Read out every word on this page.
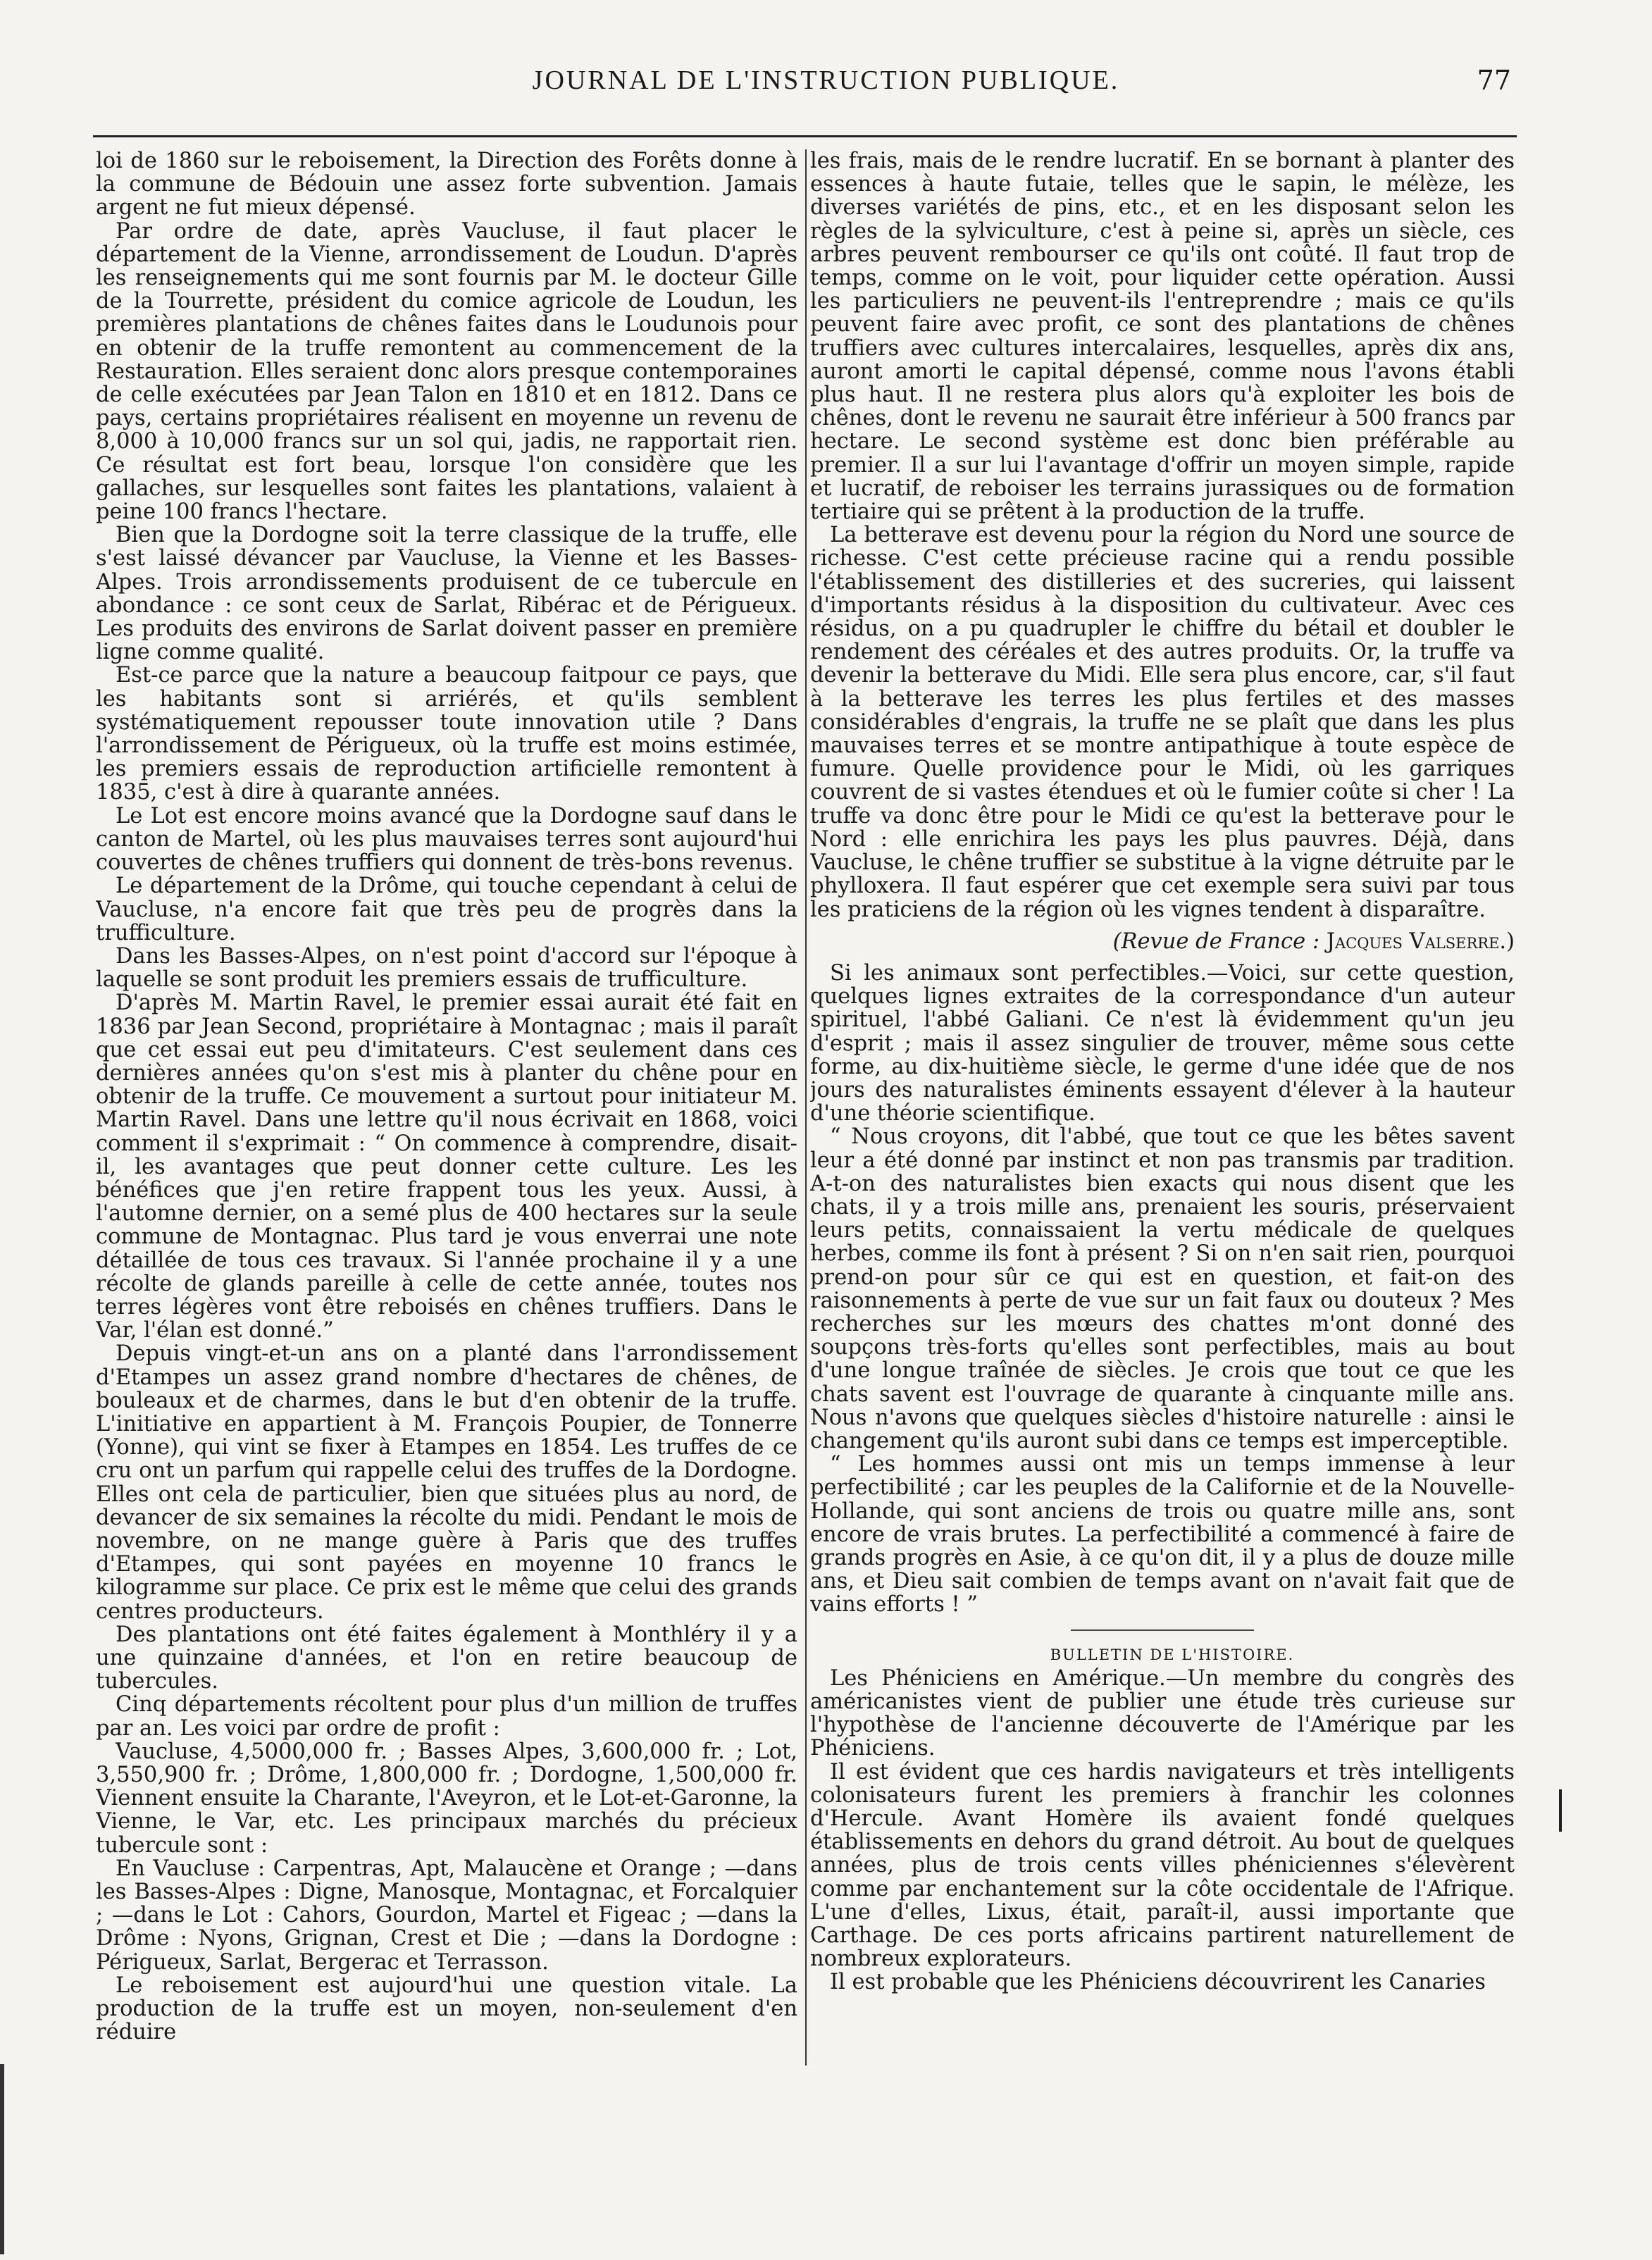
JOURNAL DE L'INSTRUCTION PUBLIQUE.	77

loi de 1860 sur le reboisement, la Direction des Forêts donne à la commune de Bédouin une assez forte subvention. Jamais argent ne fut mieux dépensé.

Par ordre de date, après Vaucluse, il faut placer le département de la Vienne, arrondissement de Loudun. D'après les renseignements qui me sont fournis par M. le docteur Gille de la Tourrette, président du comice agricole de Loudun, les premières plantations de chênes faites dans le Loudunois pour en obtenir de la truffe remontent au commencement de la Restauration. Elles seraient donc alors presque contemporaines de celle exécutées par Jean Talon en 1810 et en 1812. Dans ce pays, certains propriétaires réalisent en moyenne un revenu de 8,000 à 10,000 francs sur un sol qui, jadis, ne rapportait rien. Ce résultat est fort beau, lorsque l'on considère que les gallaches, sur lesquelles sont faites les plantations, valaient à peine 100 francs l'hectare.

Bien que la Dordogne soit la terre classique de la truffe, elle s'est laissé dévancer par Vaucluse, la Vienne et les Basses-Alpes. Trois arrondissements produisent de ce tubercule en abondance : ce sont ceux de Sarlat, Ribérac et de Périgueux. Les produits des environs de Sarlat doivent passer en première ligne comme qualité.

Est-ce parce que la nature a beaucoup faitpour ce pays, que les habitants sont si arriérés, et qu'ils semblent systématiquement repousser toute innovation utile ? Dans l'arrondissement de Périgueux, où la truffe est moins estimée, les premiers essais de reproduction artificielle remontent à 1835, c'est à dire à quarante années.

Le Lot est encore moins avancé que la Dordogne sauf dans le canton de Martel, où les plus mauvaises terres sont aujourd'hui couvertes de chênes truffiers qui donnent de très-bons revenus.

Le département de la Drôme, qui touche cependant à celui de Vaucluse, n'a encore fait que très peu de progrès dans la trufficulture.

Dans les Basses-Alpes, on n'est point d'accord sur l'époque à laquelle se sont produit les premiers essais de trufficulture.

D'après M. Martin Ravel, le premier essai aurait été fait en 1836 par Jean Second, propriétaire à Montagnac ; mais il paraît que cet essai eut peu d'imitateurs. C'est seulement dans ces dernières années qu'on s'est mis à planter du chêne pour en obtenir de la truffe. Ce mouvement a surtout pour initiateur M. Martin Ravel. Dans une lettre qu'il nous écrivait en 1868, voici comment il s'exprimait : “ On commence à comprendre, disait-il, les avantages que peut donner cette culture. Les les bénéfices que j'en retire frappent tous les yeux. Aussi, à l'automne dernier, on a semé plus de 400 hectares sur la seule commune de Montagnac. Plus tard je vous enverrai une note détaillée de tous ces travaux. Si l'année prochaine il y a une récolte de glands pareille à celle de cette année, toutes nos terres légères vont être reboisés en chênes truffiers. Dans le Var, l'élan est donné.”

Depuis vingt-et-un ans on a planté dans l'arrondissement d'Etampes un assez grand nombre d'hectares de chênes, de bouleaux et de charmes, dans le but d'en obtenir de la truffe. L'initiative en appartient à M. François Poupier, de Tonnerre (Yonne), qui vint se fixer à Etampes en 1854. Les truffes de ce cru ont un parfum qui rappelle celui des truffes de la Dordogne. Elles ont cela de particulier, bien que situées plus au nord, de devancer de six semaines la récolte du midi. Pendant le mois de novembre, on ne mange guère à Paris que des truffes d'Etampes, qui sont payées en moyenne 10 francs le kilogramme sur place. Ce prix est le même que celui des grands centres producteurs.

Des plantations ont été faites également à Monthléry il y a une quinzaine d'années, et l'on en retire beaucoup de tubercules.

Cinq départements récoltent pour plus d'un million de truffes par an. Les voici par ordre de profit :

Vaucluse, 4,5000,000 fr. ; Basses Alpes, 3,600,000 fr. ; Lot, 3,550,900 fr. ; Drôme, 1,800,000 fr. ; Dordogne, 1,500,000 fr. Viennent ensuite la Charante, l'Aveyron, et le Lot-et-Garonne, la Vienne, le Var, etc. Les principaux marchés du précieux tubercule sont :

En Vaucluse : Carpentras, Apt, Malaucène et Orange ; —dans les Basses-Alpes : Digne, Manosque, Montagnac, et Forcalquier ; —dans le Lot : Cahors, Gourdon, Martel et Figeac ; —dans la Drôme : Nyons, Grignan, Crest et Die ; —dans la Dordogne : Périgueux, Sarlat, Bergerac et Terrasson.

Le reboisement est aujourd'hui une question vitale. La production de la truffe est un moyen, non-seulement d'en réduire

les frais, mais de le rendre lucratif. En se bornant à planter des essences à haute futaie, telles que le sapin, le mélèze, les diverses variétés de pins, etc., et en les disposant selon les règles de la sylviculture, c'est à peine si, après un siècle, ces arbres peuvent rembourser ce qu'ils ont coûté. Il faut trop de temps, comme on le voit, pour liquider cette opération. Aussi les particuliers ne peuvent-ils l'entreprendre ; mais ce qu'ils peuvent faire avec profit, ce sont des plantations de chênes truffiers avec cultures intercalaires, lesquelles, après dix ans, auront amorti le capital dépensé, comme nous l'avons établi plus haut. Il ne restera plus alors qu'à exploiter les bois de chênes, dont le revenu ne saurait être inférieur à 500 francs par hectare. Le second système est donc bien préférable au premier. Il a sur lui l'avantage d'offrir un moyen simple, rapide et lucratif, de reboiser les terrains jurassiques ou de formation tertiaire qui se prêtent à la production de la truffe.

La betterave est devenu pour la région du Nord une source de richesse. C'est cette précieuse racine qui a rendu possible l'établissement des distilleries et des sucreries, qui laissent d'importants résidus à la disposition du cultivateur. Avec ces résidus, on a pu quadrupler le chiffre du bétail et doubler le rendement des céréales et des autres produits. Or, la truffe va devenir la betterave du Midi. Elle sera plus encore, car, s'il faut à la betterave les terres les plus fertiles et des masses considérables d'engrais, la truffe ne se plaît que dans les plus mauvaises terres et se montre antipathique à toute espèce de fumure. Quelle providence pour le Midi, où les garriques couvrent de si vastes étendues et où le fumier coûte si cher ! La truffe va donc être pour le Midi ce qu'est la betterave pour le Nord : elle enrichira les pays les plus pauvres. Déjà, dans Vaucluse, le chêne truffier se substitue à la vigne détruite par le phylloxera. Il faut espérer que cet exemple sera suivi par tous les praticiens de la région où les vignes tendent à disparaître.

(Revue de France : Jacques Valserre.)

Si les animaux sont perfectibles.—Voici, sur cette question, quelques lignes extraites de la correspondance d'un auteur spirituel, l'abbé Galiani. Ce n'est là évidemment qu'un jeu d'esprit ; mais il assez singulier de trouver, même sous cette forme, au dix-huitième siècle, le germe d'une idée que de nos jours des naturalistes éminents essayent d'élever à la hauteur d'une théorie scientifique.

“ Nous croyons, dit l'abbé, que tout ce que les bêtes savent leur a été donné par instinct et non pas transmis par tradition. A-t-on des naturalistes bien exacts qui nous disent que les chats, il y a trois mille ans, prenaient les souris, préservaient leurs petits, connaissaient la vertu médicale de quelques herbes, comme ils font à présent ? Si on n'en sait rien, pourquoi prend-on pour sûr ce qui est en question, et fait-on des raisonnements à perte de vue sur un fait faux ou douteux ? Mes recherches sur les mœurs des chattes m'ont donné des soupçons très-forts qu'elles sont perfectibles, mais au bout d'une longue traînée de siècles. Je crois que tout ce que les chats savent est l'ouvrage de quarante à cinquante mille ans. Nous n'avons que quelques siècles d'histoire naturelle : ainsi le changement qu'ils auront subi dans ce temps est imperceptible.

“ Les hommes aussi ont mis un temps immense à leur perfectibilité ; car les peuples de la Californie et de la Nouvelle-Hollande, qui sont anciens de trois ou quatre mille ans, sont encore de vrais brutes. La perfectibilité a commencé à faire de grands progrès en Asie, à ce qu'on dit, il y a plus de douze mille ans, et Dieu sait combien de temps avant on n'avait fait que de vains efforts ! ”

BULLETIN DE L'HISTOIRE.

Les Phéniciens en Amérique.—Un membre du congrès des américanistes vient de publier une étude très curieuse sur l'hypothèse de l'ancienne découverte de l'Amérique par les Phéniciens.

Il est évident que ces hardis navigateurs et très intelligents colonisateurs furent les premiers à franchir les colonnes d'Hercule. Avant Homère ils avaient fondé quelques établissements en dehors du grand détroit. Au bout de quelques années, plus de trois cents villes phéniciennes s'élevèrent comme par enchantement sur la côte occidentale de l'Afrique. L'une d'elles, Lixus, était, paraît-il, aussi importante que Carthage. De ces ports africains partirent naturellement de nombreux explorateurs.

Il est probable que les Phéniciens découvrirent les Canaries
